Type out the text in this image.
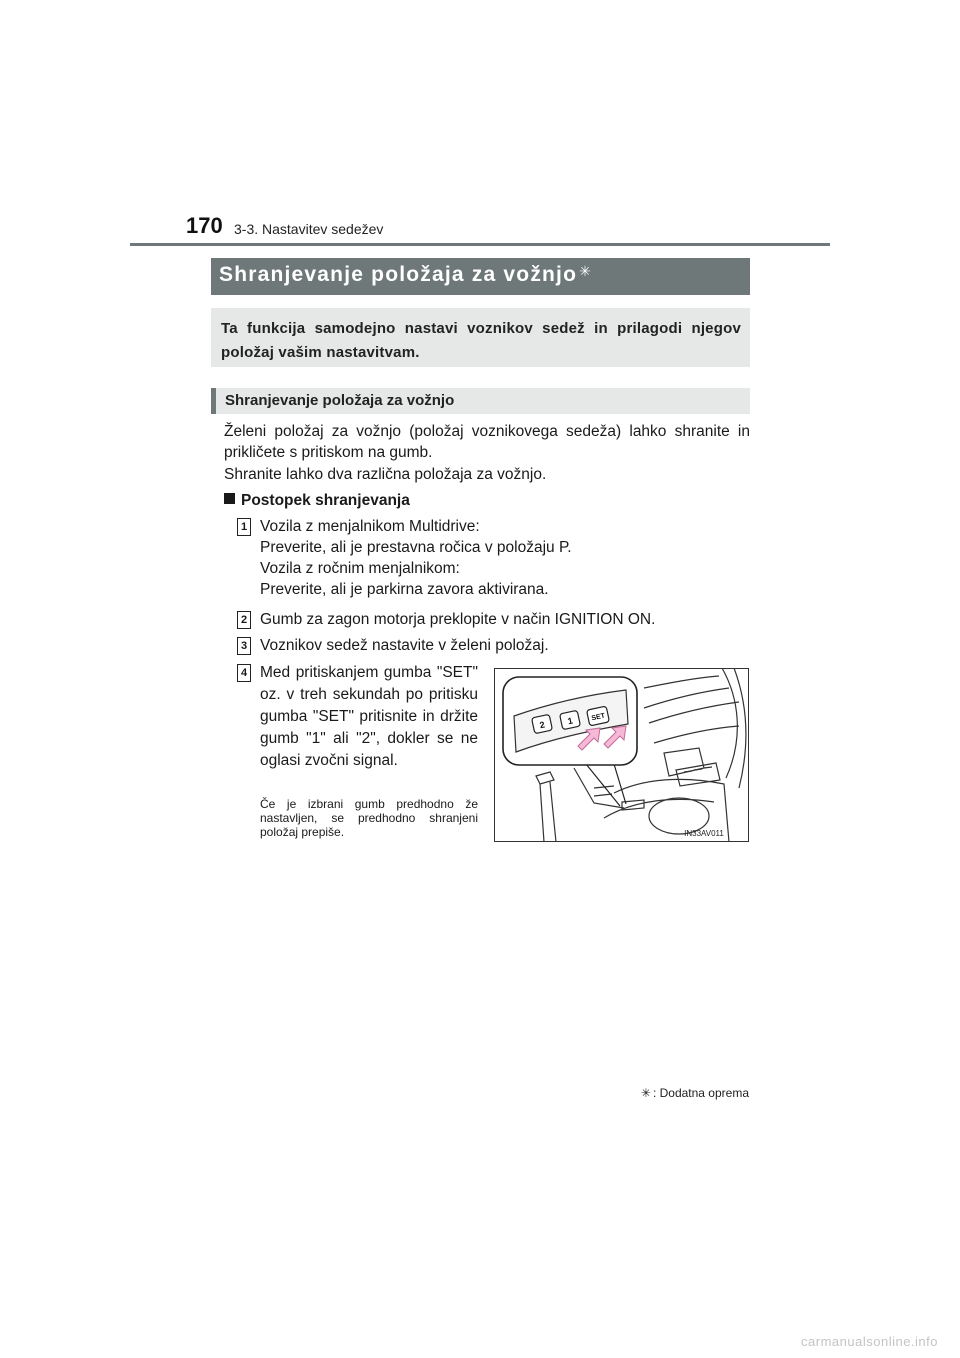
170 3-3. Nastavitev sedežev
Shranjevanje položaja za vožnjo ✳
Ta funkcija samodejno nastavi voznikov sedež in prilagodi njegov položaj vašim nastavitvam.
Shranjevanje položaja za vožnjo
Želeni položaj za vožnjo (položaj voznikovega sedeža) lahko shranite in prikličete s pritiskom na gumb.
Shranite lahko dva različna položaja za vožnjo.
Postopek shranjevanja
1 Vozila z menjalnikom Multidrive:
Preverite, ali je prestavna ročica v položaju P.
Vozila z ročnim menjalnikom:
Preverite, ali je parkirna zavora aktivirana.
2 Gumb za zagon motorja preklopite v način IGNITION ON.
3 Voznikov sedež nastavite v želeni položaj.
4 Med pritiskanjem gumba "SET" oz. v treh sekundah po pritisku gumba "SET" pritisnite in držite gumb "1" ali "2", dokler se ne oglasi zvočni signal.
Če je izbrani gumb predhodno že nastavljen, se predhodno shranjeni položaj prepiše.
2 1 SET
IN33AV011
✳ : Dodatna oprema
carmanualsonline.info
